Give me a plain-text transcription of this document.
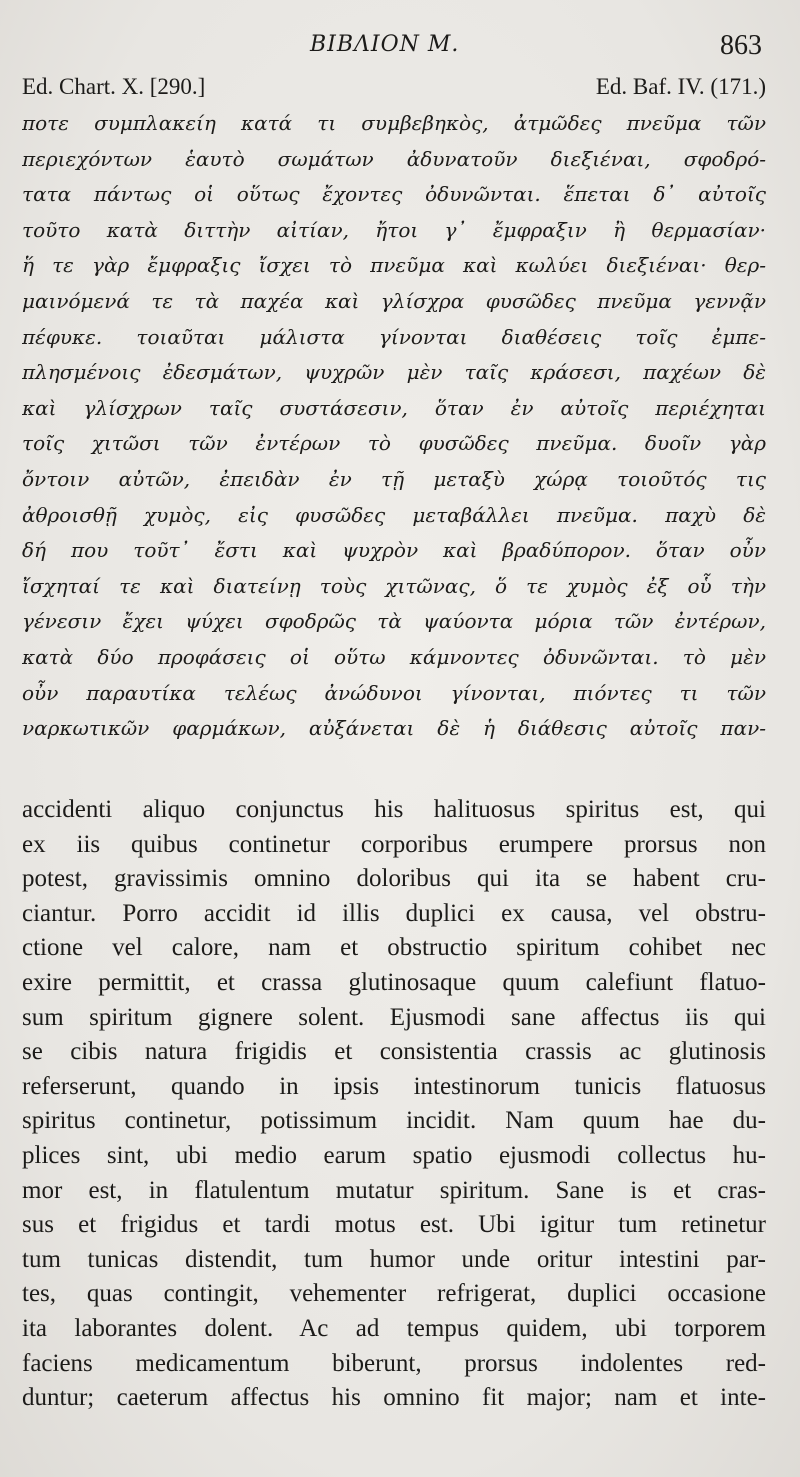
BIBΛΙΟΝ M.	863
Ed. Chart. X. [290.]	Ed. Baf. IV. (171.)
ποτε συμπλακείη κατά τι συμβεβηκὸς, ἀτμῶδες πνεῦμα τῶν
περιεχόντων ἑαυτὸ σωμάτων ἀδυνατοῦν διεξιέναι, σφοδρό-
τατα πάντως οἱ οὕτως ἔχοντες ὀδυνῶνται. ἕπεται δ᾿ αὐτοῖς
τοῦτο κατὰ διττὴν αἰτίαν, ἤτοι γ᾿ ἔμφραξιν ἢ θερμασίαν·
ἥ τε γὰρ ἔμφραξις ἴσχει τὸ πνεῦμα καὶ κωλύει διεξιέναι· θερ-
μαινόμενά τε τὰ παχέα καὶ γλίσχρα φυσῶδες πνεῦμα γεννᾷν
πέφυκε. τοιαῦται μάλιστα γίνονται διαθέσεις τοῖς ἐμπε-
πλησμένοις ἐδεσμάτων, ψυχρῶν μὲν ταῖς κράσεσι, παχέων δὲ
καὶ γλίσχρων ταῖς συστάσεσιν, ὅταν ἐν αὐτοῖς περιέχηται
τοῖς χιτῶσι τῶν ἐντέρων τὸ φυσῶδες πνεῦμα. δυοῖν γὰρ
ὄντοιν αὐτῶν, ἐπειδὰν ἐν τῇ μεταξὺ χώρᾳ τοιοῦτός τις
ἀθροισθῇ χυμὸς, εἰς φυσῶδες μεταβάλλει πνεῦμα. παχὺ δὲ
δή που τοῦτ᾿ ἔστι καὶ ψυχρὸν καὶ βραδύπορον. ὅταν οὖν
ἴσχηταί τε καὶ διατείνῃ τοὺς χιτῶνας, ὅ τε χυμὸς ἐξ οὗ τὴν
γένεσιν ἔχει ψύχει σφοδρῶς τὰ ψαύοντα μόρια τῶν ἐντέρων,
κατὰ δύο προφάσεις οἱ οὕτω κάμνοντες ὀδυνῶνται. τὸ μὲν
οὖν παραυτίκα τελέως ἀνώδυνοι γίνονται, πιόντες τι τῶν
ναρκωτικῶν φαρμάκων, αὐξάνεται δὲ ἡ διάθεσις αὐτοῖς παν-
accidenti aliquo conjunctus his halituosus spiritus est, qui
ex iis quibus continetur corporibus erumpere prorsus non
potest, gravissimis omnino doloribus qui ita se habent cru-
ciantur. Porro accidit id illis duplici ex causa, vel obstru-
ctione vel calore, nam et obstructio spiritum cohibet nec
exire permittit, et crassa glutinosaque quum calefiunt flatuo-
sum spiritum gignere solent. Ejusmodi sane affectus iis qui
se cibis natura frigidis et consistentia crassis ac glutinosis
referserunt, quando in ipsis intestinorum tunicis flatuosus
spiritus continetur, potissimum incidit. Nam quum hae du-
plices sint, ubi medio earum spatio ejusmodi collectus hu-
mor est, in flatulentum mutatur spiritum. Sane is et cras-
sus et frigidus et tardi motus est. Ubi igitur tum retinetur
tum tunicas distendit, tum humor unde oritur intestini par-
tes, quas contingit, vehementer refrigerat, duplici occasione
ita laborantes dolent. Ac ad tempus quidem, ubi torporem
faciens medicamentum biberunt, prorsus indolentes red-
duntur; caeterum affectus his omnino fit major; nam et inte-
